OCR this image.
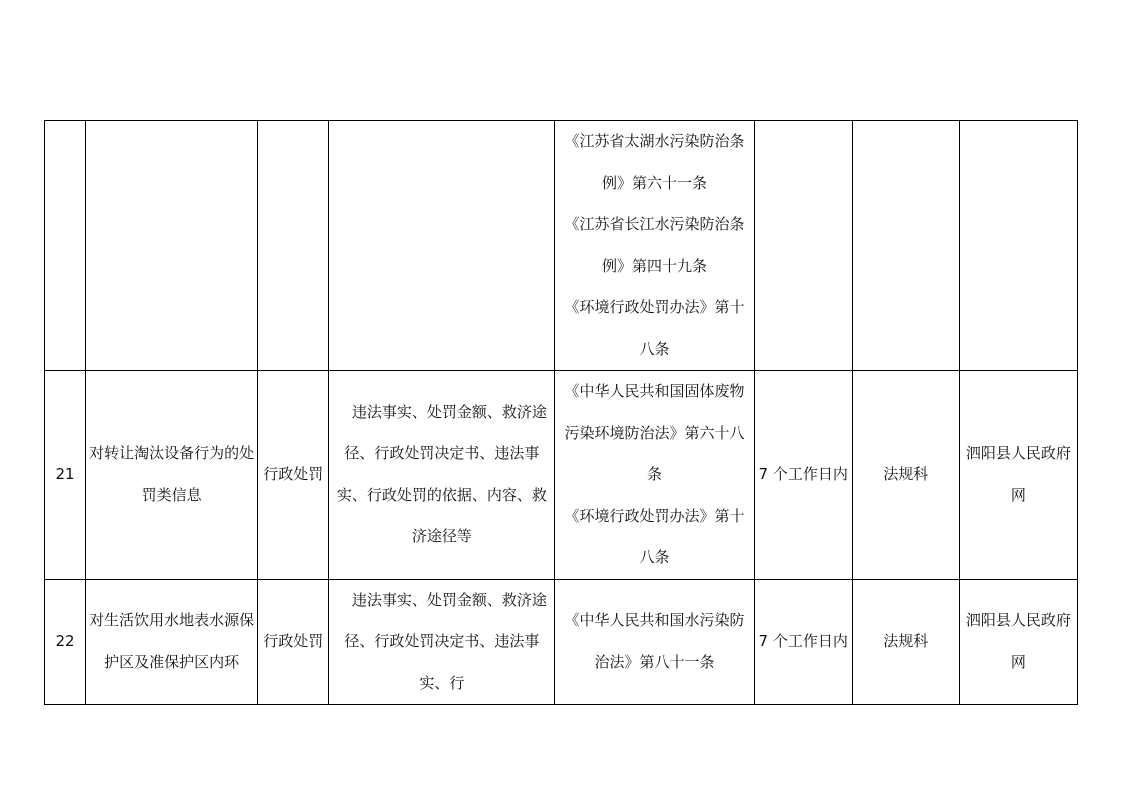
				《江苏省太湖水污染防治条例》第六十一条
《江苏省长江水污染防治条例》第四十九条
《环境行政处罚办法》第十八条			

21	对转让淘汰设备行为的处罚类信息	行政处罚	违法事实、处罚金额、救济途径、行政处罚决定书、违法事实、行政处罚的依据、内容、救济途径等	《中华人民共和国固体废物污染环境防治法》第六十八条
《环境行政处罚办法》第十八条	7 个工作日内	法规科	泗阳县人民政府网
22	对生活饮用水地表水源保护区及准保护区内环	行政处罚	违法事实、处罚金额、救济途径、行政处罚决定书、违法事实、行	《中华人民共和国水污染防治法》第八十一条	7 个工作日内	法规科	泗阳县人民政府网
